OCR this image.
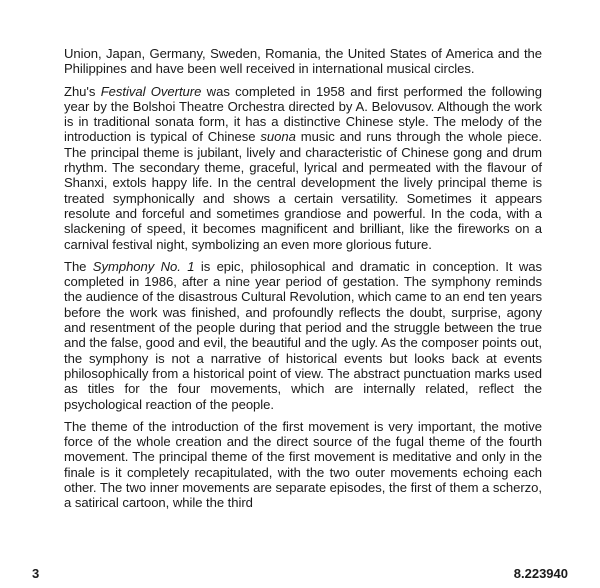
Union, Japan, Germany, Sweden, Romania, the United States of America and the Philippines and have been well received in international musical circles.

Zhu's Festival Overture was completed in 1958 and first performed the following year by the Bolshoi Theatre Orchestra directed by A. Belovusov. Although the work is in traditional sonata form, it has a distinctive Chinese style. The melody of the introduction is typical of Chinese suona music and runs through the whole piece. The principal theme is jubilant, lively and characteristic of Chinese gong and drum rhythm. The secondary theme, graceful, lyrical and permeated with the flavour of Shanxi, extols happy life. In the central development the lively principal theme is treated symphonically and shows a certain versatility. Sometimes it appears resolute and forceful and sometimes grandiose and powerful. In the coda, with a slackening of speed, it becomes magnificent and brilliant, like the fireworks on a carnival festival night, symbolizing an even more glorious future.

The Symphony No. 1 is epic, philosophical and dramatic in conception. It was completed in 1986, after a nine year period of gestation. The symphony reminds the audience of the disastrous Cultural Revolution, which came to an end ten years before the work was finished, and profoundly reflects the doubt, surprise, agony and resentment of the people during that period and the struggle between the true and the false, good and evil, the beautiful and the ugly. As the composer points out, the symphony is not a narrative of historical events but looks back at events philosophically from a historical point of view. The abstract punctuation marks used as titles for the four movements, which are internally related, reflect the psychological reaction of the people.

The theme of the introduction of the first movement is very important, the motive force of the whole creation and the direct source of the fugal theme of the fourth movement. The principal theme of the first movement is meditative and only in the finale is it completely recapitulated, with the two outer movements echoing each other. The two inner movements are separate episodes, the first of them a scherzo, a satirical cartoon, while the third

3	8.223940
